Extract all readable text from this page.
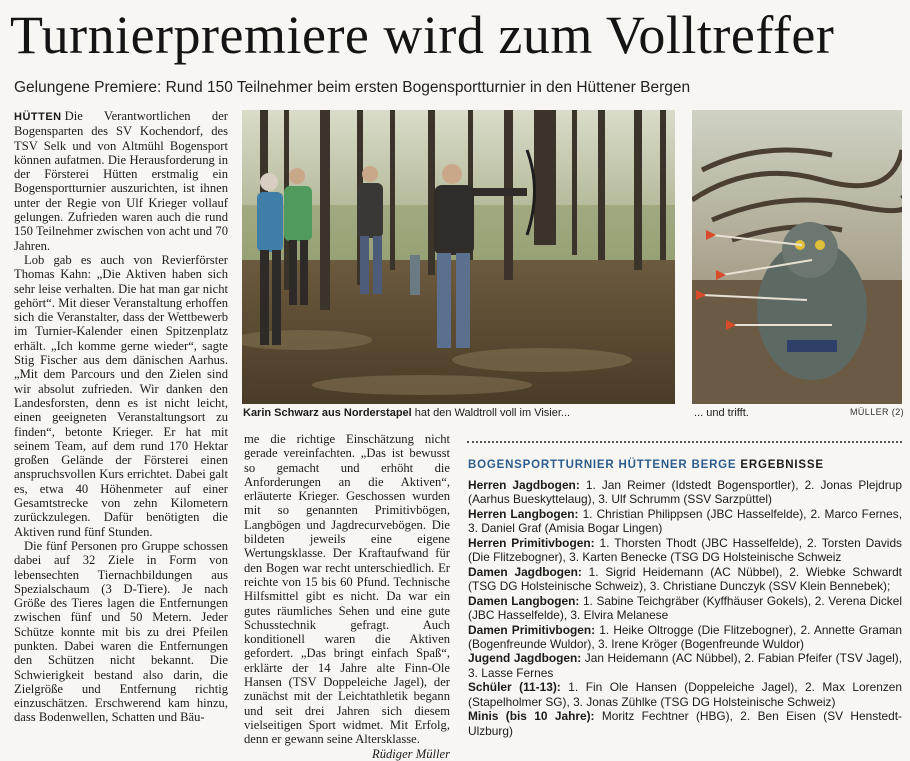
Turnierpremiere wird zum Volltreffer
Gelungene Premiere: Rund 150 Teilnehmer beim ersten Bogensportturnier in den Hüttener Bergen

HÜTTEN Die Verantwortlichen der Bogensparten des SV Kochendorf, des TSV Selk und von Altmühl Bogensport können aufatmen. Die Herausforderung in der Försterei Hütten erstmalig ein Bogensportturnier auszurichten, ist ihnen unter der Regie von Ulf Krieger vollauf gelungen. Zufrieden waren auch die rund 150 Teilnehmer zwischen von acht und 70 Jahren.

Lob gab es auch von Revierförster Thomas Kahn: „Die Aktiven haben sich sehr leise verhalten. Die hat man gar nicht gehört“. Mit dieser Veranstaltung erhoffen sich die Veranstalter, dass der Wettbewerb im Turnier-Kalender einen Spitzenplatz erhält. „Ich komme gerne wieder“, sagte Stig Fischer aus dem dänischen Aarhus. „Mit dem Parcours und den Zielen sind wir absolut zufrieden. Wir danken den Landesforsten, denn es ist nicht leicht, einen geeigneten Veranstaltungsort zu finden“, betonte Krieger. Er hat mit seinem Team, auf dem rund 170 Hektar großen Gelände der Försterei einen anspruchsvollen Kurs errichtet. Dabei galt es, etwa 40 Höhenmeter auf einer Gesamtstrecke von zehn Kilometern zurückzulegen. Dafür benötigten die Aktiven rund fünf Stunden.

Die fünf Personen pro Gruppe schossen dabei auf 32 Ziele in Form von lebensechten Tiernachbildungen aus Spezialschaum (3 D-Tiere). Je nach Größe des Tieres lagen die Entfernungen zwischen fünf und 50 Metern. Jeder Schütze konnte mit bis zu drei Pfeilen punkten. Dabei waren die Entfernungen den Schützen nicht bekannt. Die Schwierigkeit bestand also darin, die Zielgröße und Entfernung richtig einzuschätzen. Erschwerend kam hinzu, dass Bodenwellen, Schatten und Bäu-

me die richtige Einschätzung nicht gerade vereinfachten. „Das ist bewusst so gemacht und erhöht die Anforderungen an die Aktiven“, erläuterte Krieger. Geschossen wurden mit so genannten Primitivbögen, Langbögen und Jagdrecurvebögen. Die bildeten jeweils eine eigene Wertungsklasse. Der Kraftaufwand für den Bogen war recht unterschiedlich. Er reichte von 15 bis 60 Pfund. Technische Hilfsmittel gibt es nicht. Da war ein gutes räumliches Sehen und eine gute Schusstechnik gefragt. Auch konditionell waren die Aktiven gefordert. „Das bringt einfach Spaß“, erklärte der 14 Jahre alte Finn-Ole Hansen (TSV Doppeleiche Jagel), der zunächst mit der Leichtathletik begann und seit drei Jahren sich diesem vielseitigen Sport widmet. Mit Erfolg, denn er gewann seine Altersklasse.

Rüdiger Müller
Karin Schwarz aus Norderstapel hat den Waldtroll voll im Visier...	... und trifft.	MÜLLER (2)
BOGENSPORTTURNIER HÜTTENER BERGE ERGEBNISSE
Herren Jagdbogen: 1. Jan Reimer (Idstedt Bogensportler), 2. Jonas Plejdrup (Aarhus Bueskyttelaug), 3. Ulf Schrumm (SSV Sarzpüttel)
Herren Langbogen: 1. Christian Philippsen (JBC Hasselfelde), 2. Marco Fernes, 3. Daniel Graf (Amisia Bogar Lingen)
Herren Primitivbogen: 1. Thorsten Thodt (JBC Hasselfelde), 2. Torsten Davids (Die Flitzebogner), 3. Karten Benecke (TSG DG Holsteinische Schweiz
Damen Jagdbogen: 1. Sigrid Heidemann (AC Nübbel), 2. Wiebke Schwardt (TSG DG Holsteinische Schweiz), 3. Christiane Dunczyk (SSV Klein Bennebek);
Damen Langbogen: 1. Sabine Teichgräber (Kyffhäuser Gokels), 2. Verena Dickel (JBC Hasselfelde), 3. Elvira Melanese
Damen Primitivbogen: 1. Heike Oltrogge (Die Flitzebogner), 2. Annette Graman (Bogenfreunde Wuldor), 3. Irene Kröger (Bogenfreunde Wuldor)
Jugend Jagdbogen: Jan Heidemann (AC Nübbel), 2. Fabian Pfeifer (TSV Jagel), 3. Lasse Fernes
Schüler (11-13): 1. Fin Ole Hansen (Doppeleiche Jagel), 2. Max Lorenzen (Stapelholmer SG), 3. Jonas Zühlke (TSG DG Holsteinische Schweiz)
Minis (bis 10 Jahre): Moritz Fechtner (HBG), 2. Ben Eisen (SV Henstedt-Ulzburg)
